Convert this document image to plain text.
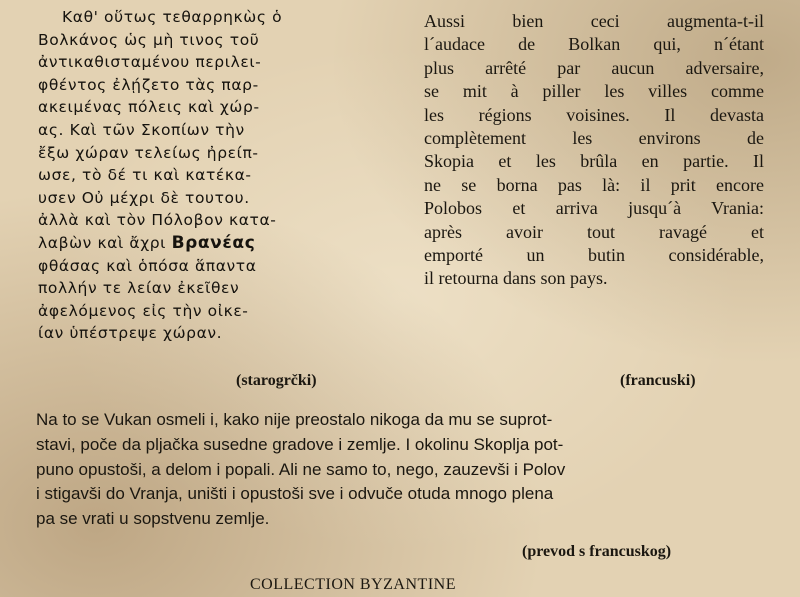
Καθ' οὕτως τεθαρρηκὼς ὁ
Βολκάνος ὡς μὴ τινος τοῦ
ἀντικαθισταμένου περιλει-
φθέντος ἐλῄζετο τὰς παρ-
ακειμένας πόλεις καὶ χώρ-
ας. Καὶ τῶν Σκοπίων τὴν
ἔξω χώραν τελείως ἠρείπ-
ωσε, τὸ δέ τι καὶ κατέκα-
υσεν Οὐ μέχρι δὲ τουτου.
ἀλλὰ καὶ τὸν Πόλοβον κατα-
λαβὼν καὶ ἄχρι Βρανέας
φθάσας καὶ ὁπόσα ἅπαντα
πολλήν τε λείαν ἐκεῖθεν
ἀφελόμενος εἰς τὴν οἰκε-
ίαν ὑπέστρεψε χώραν.
(starogrčki)
Aussi bien ceci augmenta-t-il
l´audace de Bolkan qui, n´étant
plus arrêté par aucun adversaire,
se mit à piller les villes comme
les régions voisines. Il devasta
complètement les environs de
Skopia et les brûla en partie. Il
ne se borna pas là: il prit encore
Polobos et arriva jusqu´à Vrania:
après avoir tout ravagé et
emporté un butin considérable,
il retourna dans son pays.
(francuski)
Na to se Vukan osmeli i, kako nije preostalo nikoga da mu se suprot-
stavi, poče da pljačka susedne gradove i zemlje. I okolinu Skoplja pot-
puno opustoši, a delom i popali. Ali ne samo to, nego, zauzevši i Polov
i stigavši do Vranja, uništi i opustoši sve i odvuče otuda mnogo plena
pa se vrati u sopstvenu zemlje.
(prevod s francuskog)
COLLECTION BYZANTINE
